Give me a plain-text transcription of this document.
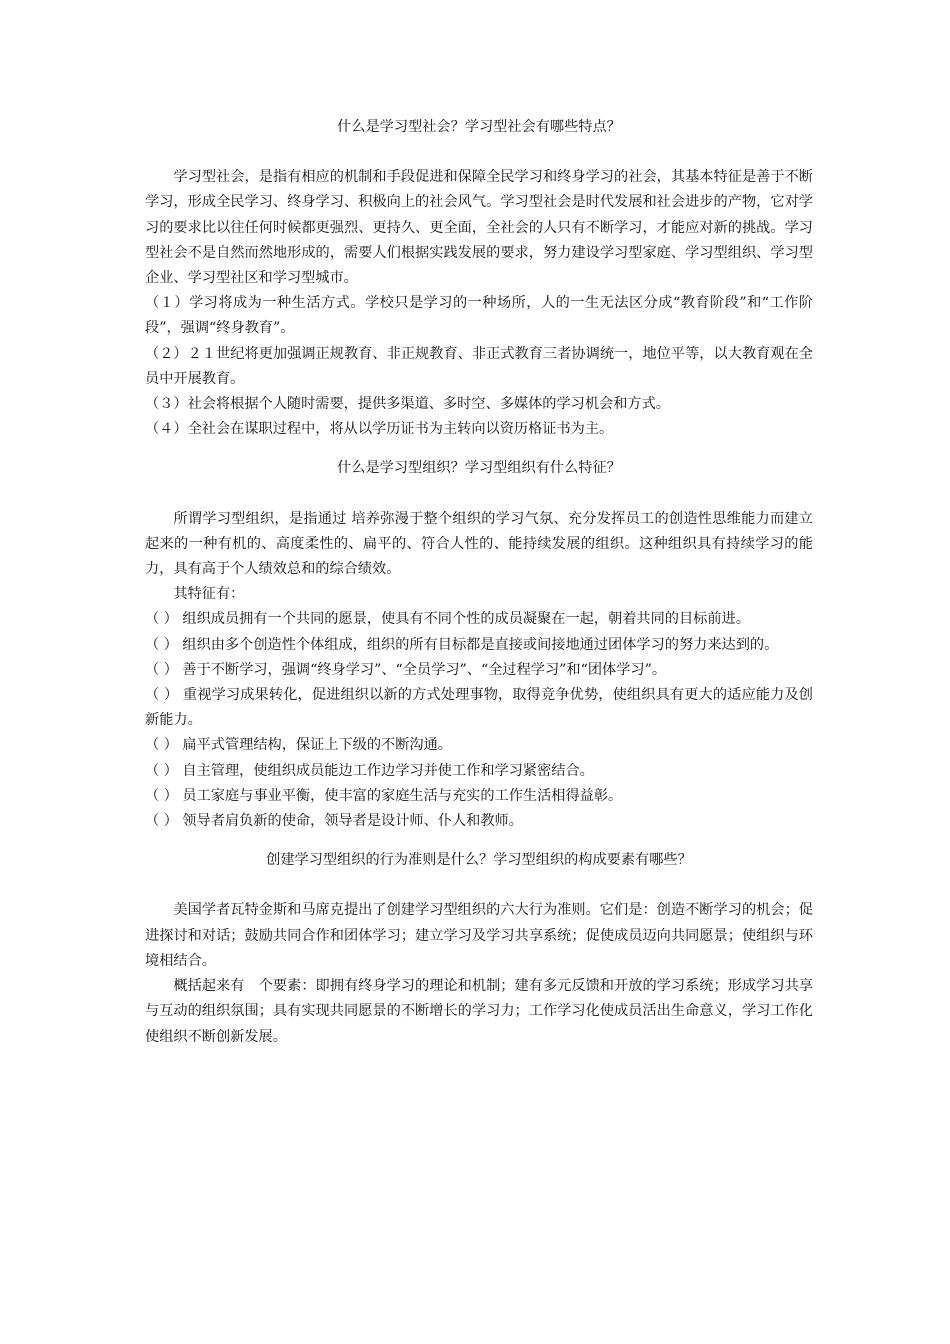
什么是学习型社会？学习型社会有哪些特点？

学习型社会，是指有相应的机制和手段促进和保障全民学习和终身学习的社会，其基本特征是善于不断学习，形成全民学习、终身学习、积极向上的社会风气。学习型社会是时代发展和社会进步的产物，它对学习的要求比以往任何时候都更强烈、更持久、更全面，全社会的人只有不断学习，才能应对新的挑战。学习型社会不是自然而然地形成的，需要人们根据实践发展的要求，努力建设学习型家庭、学习型组织、学习型企业、学习型社区和学习型城市。

（１）学习将成为一种生活方式。学校只是学习的一种场所，人的一生无法区分成“教育阶段”和“工作阶段”，强调“终身教育”。

（２）２１世纪将更加强调正规教育、非正规教育、非正式教育三者协调统一，地位平等，以大教育观在全员中开展教育。

（３）社会将根据个人随时需要，提供多渠道、多时空、多媒体的学习机会和方式。

（４）全社会在谋职过程中，将从以学历证书为主转向以资历格证书为主。

什么是学习型组织？学习型组织有什么特征？

所谓学习型组织，是指通过 培养弥漫于整个组织的学习气氛、充分发挥员工的创造性思维能力而建立起来的一种有机的、高度柔性的、扁平的、符合人性的、能持续发展的组织。这种组织具有持续学习的能力，具有高于个人绩效总和的综合绩效。

其特征有：

（ ） 组织成员拥有一个共同的愿景，使具有不同个性的成员凝聚在一起，朝着共同的目标前进。

（ ） 组织由多个创造性个体组成，组织的所有目标都是直接或间接地通过团体学习的努力来达到的。

（ ） 善于不断学习，强调“终身学习”、“全员学习”、“全过程学习”和“团体学习”。

（ ） 重视学习成果转化，促进组织以新的方式处理事物，取得竞争优势，使组织具有更大的适应能力及创新能力。

（ ） 扁平式管理结构，保证上下级的不断沟通。

（ ） 自主管理，使组织成员能边工作边学习并使工作和学习紧密结合。

（ ） 员工家庭与事业平衡，使丰富的家庭生活与充实的工作生活相得益彰。

（ ） 领导者肩负新的使命，领导者是设计师、仆人和教师。

创建学习型组织的行为准则是什么？学习型组织的构成要素有哪些？

美国学者瓦特金斯和马席克提出了创建学习型组织的六大行为准则。它们是：创造不断学习的机会；促进探讨和对话；鼓励共同合作和团体学习；建立学习及学习共享系统；促使成员迈向共同愿景；使组织与环境相结合。

概括起来有　个要素：即拥有终身学习的理论和机制；建有多元反馈和开放的学习系统；形成学习共享与互动的组织氛围；具有实现共同愿景的不断增长的学习力；工作学习化使成员活出生命意义，学习工作化使组织不断创新发展。
